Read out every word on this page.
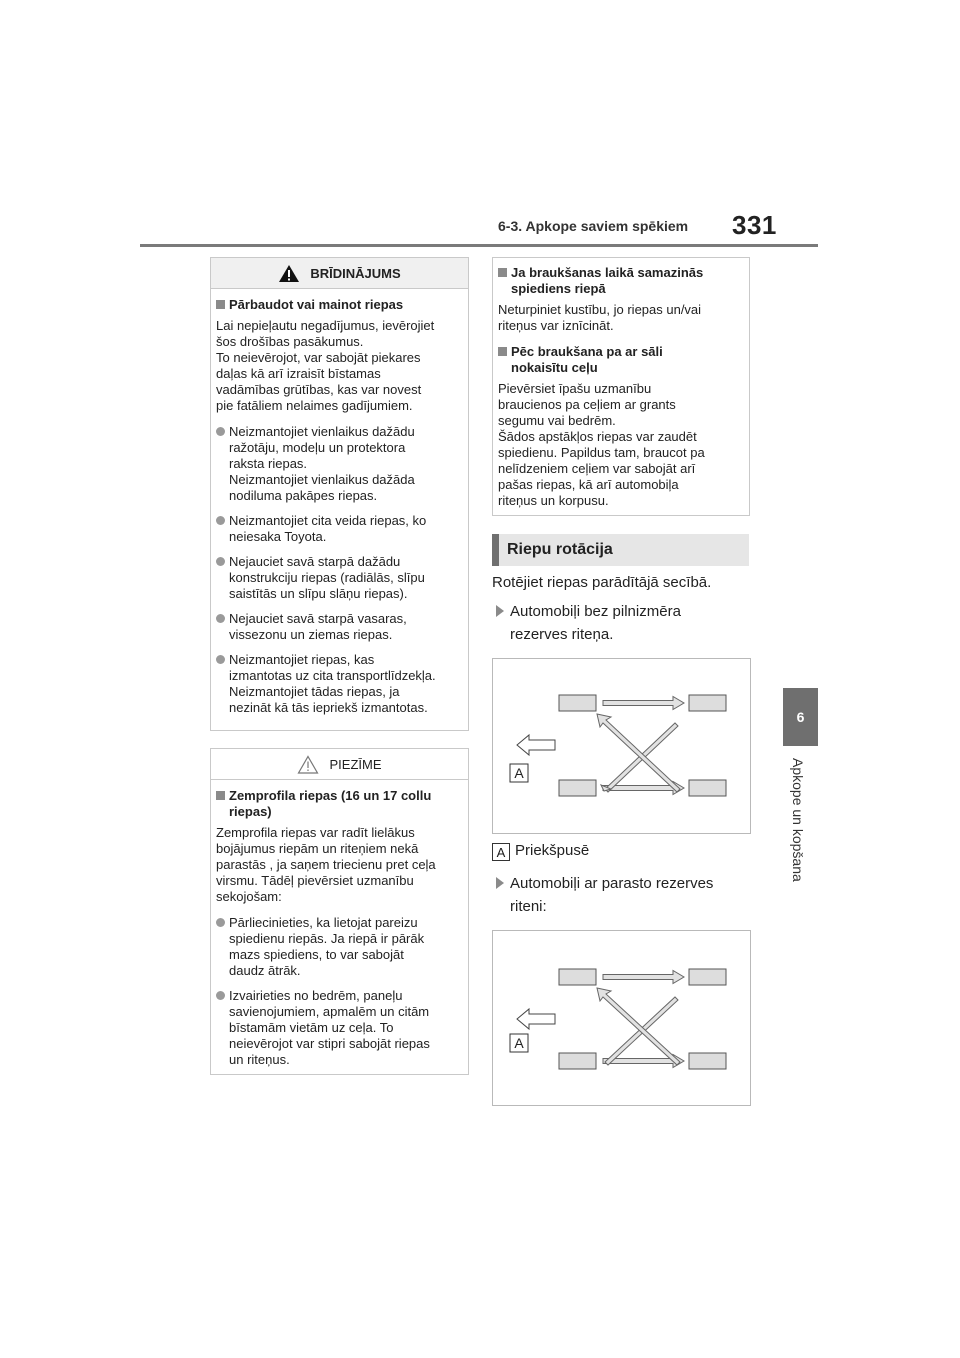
6-3. Apkope saviem spēkiem 331
6
Apkope un kopšana
BRĪDINĀJUMS
Pārbaudot vai mainot riepas
Lai nepieļautu negadījumus, ievērojiet
šos drošības pasākumus.
To neievērojot, var sabojāt piekares
daļas kā arī izraisīt bīstamas
vadāmības grūtības, kas var novest
pie fatāliem nelaimes gadījumiem.
Neizmantojiet vienlaikus dažādu
ražotāju, modeļu un protektora
raksta riepas.
Neizmantojiet vienlaikus dažāda
nodiluma pakāpes riepas.
Neizmantojiet cita veida riepas, ko
neiesaka Toyota.
Nejauciet savā starpā dažādu
konstrukciju riepas (radiālās, slīpu
saistītās un slīpu slāņu riepas).
Nejauciet savā starpā vasaras,
vissezonu un ziemas riepas.
Neizmantojiet riepas, kas
izmantotas uz cita transportlīdzekļa.
Neizmantojiet tādas riepas, ja
nezināt kā tās iepriekš izmantotas.
PIEZĪME
Zemprofila riepas (16 un 17 collu
riepas)
Zemprofila riepas var radīt lielākus
bojājumus riepām un riteņiem nekā
parastās , ja saņem triecienu pret ceļa
virsmu. Tādēļ pievērsiet uzmanību
sekojošam:
Pārliecinieties, ka lietojat pareizu
spiedienu riepās. Ja riepā ir pārāk
mazs spiediens, to var sabojāt
daudz ātrāk.
Izvairieties no bedrēm, paneļu
savienojumiem, apmalēm un citām
bīstamām vietām uz ceļa. To
neievērojot var stipri sabojāt riepas
un riteņus.
Ja braukšanas laikā samazinās
spiediens riepā
Neturpiniet kustību, jo riepas un/vai
riteņus var iznīcināt.
Pēc braukšana pa ar sāli
nokaisītu ceļu
Pievērsiet īpašu uzmanību
braucienos pa ceļiem ar grants
segumu vai bedrēm.
Šādos apstākļos riepas var zaudēt
spiedienu. Papildus tam, braucot pa
nelīdzeniem ceļiem var sabojāt arī
pašas riepas, kā arī automobiļa
riteņus un korpusu.
Riepu rotācija
Rotējiet riepas parādītājā secībā.
Automobiļi bez pilnizmēra
rezerves riteņa.
A
A Priekšpusē
Automobiļi ar parasto rezerves
riteni:
A
